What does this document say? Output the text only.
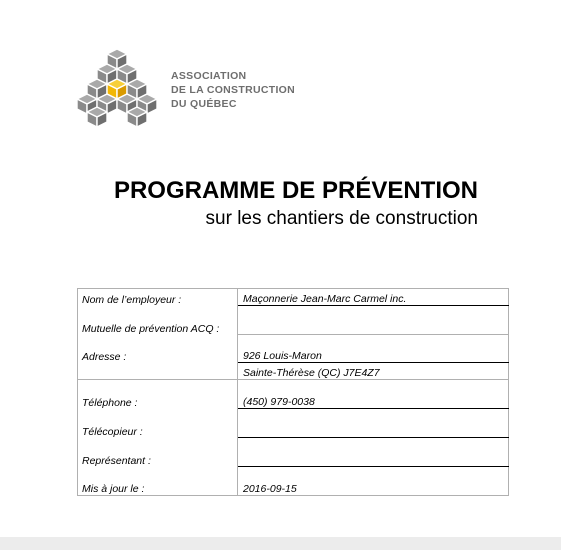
ASSOCIATION
DE LA CONSTRUCTION
DU QUÉBEC
PROGRAMME DE PRÉVENTION
sur les chantiers de construction
Nom de l’employeur :	Maçonnerie Jean-Marc Carmel inc.
Mutuelle de prévention ACQ :	
Adresse :	926 Louis-Maron
	Sainte-Thérèse (QC) J7E4Z7
Téléphone :	(450) 979-0038
Télécopieur :	
Représentant :	
Mis à jour le :	2016-09-15
